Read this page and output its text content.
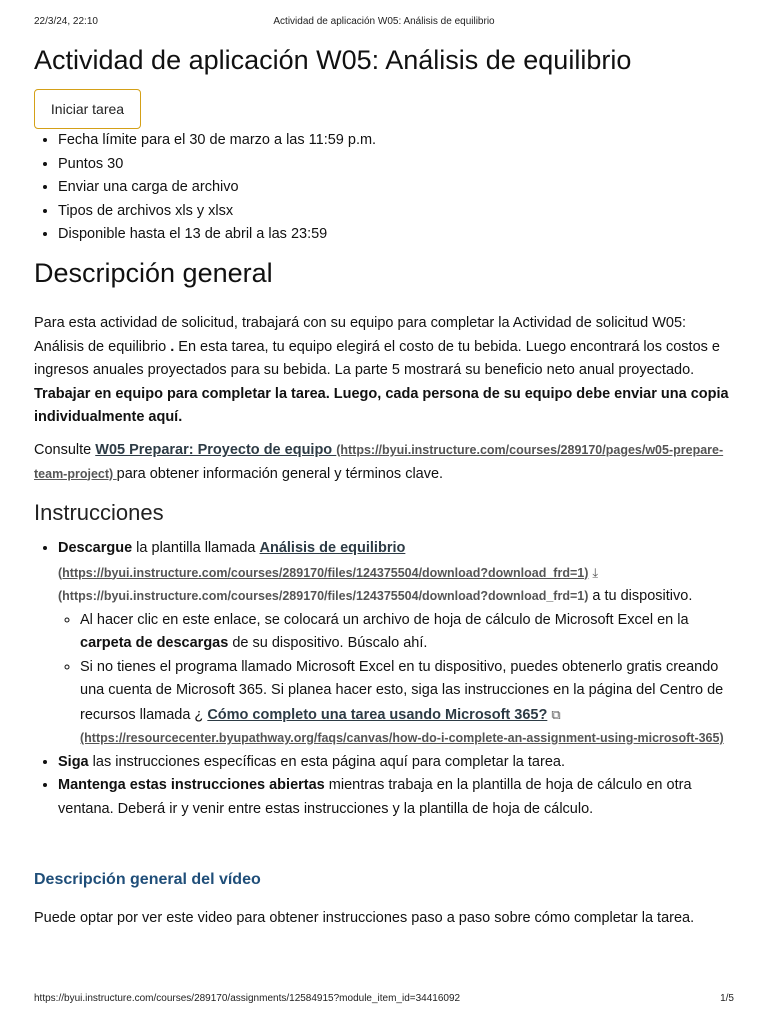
22/3/24, 22:10	Actividad de aplicación W05: Análisis de equilibrio
Actividad de aplicación W05: Análisis de equilibrio
Iniciar tarea
• Fecha límite para el 30 de marzo a las 11:59 p.m.
• Puntos 30
• Enviar una carga de archivo
• Tipos de archivos xls y xlsx
• Disponible hasta el 13 de abril a las 23:59
Descripción general

Para esta actividad de solicitud, trabajará con su equipo para completar la Actividad de solicitud W05: Análisis de equilibrio . En esta tarea, tu equipo elegirá el costo de tu bebida. Luego encontrará los costos e ingresos anuales proyectados para su bebida. La parte 5 mostrará su beneficio neto anual proyectado. Trabajar en equipo para completar la tarea. Luego, cada persona de su equipo debe enviar una copia individualmente aquí.

Consulte W05 Preparar: Proyecto de equipo (https://byui.instructure.com/courses/289170/pages/w05-prepare-team-project) para obtener información general y términos clave.

Instrucciones
• Descargue la plantilla llamada Análisis de equilibrio
(https://byui.instructure.com/courses/289170/files/124375504/download?download_frd=1) ⤓
(https://byui.instructure.com/courses/289170/files/124375504/download?download_frd=1) a tu dispositivo.
◦ Al hacer clic en este enlace, se colocará un archivo de hoja de cálculo de Microsoft Excel en la carpeta de descargas de su dispositivo. Búscalo ahí.
◦ Si no tienes el programa llamado Microsoft Excel en tu dispositivo, puedes obtenerlo gratis creando una cuenta de Microsoft 365. Si planea hacer esto, siga las instrucciones en la página del Centro de recursos llamada ¿ Cómo completo una tarea usando Microsoft 365? ⧉
(https://resourcecenter.byupathway.org/faqs/canvas/how-do-i-complete-an-assignment-using-microsoft-365)
• Siga las instrucciones específicas en esta página aquí para completar la tarea.
• Mantenga estas instrucciones abiertas mientras trabaja en la plantilla de hoja de cálculo en otra ventana. Deberá ir y venir entre estas instrucciones y la plantilla de hoja de cálculo.
Descripción general del vídeo

Puede optar por ver este video para obtener instrucciones paso a paso sobre cómo completar la tarea.

https://byui.instructure.com/courses/289170/assignments/12584915?module_item_id=34416092	1/5
